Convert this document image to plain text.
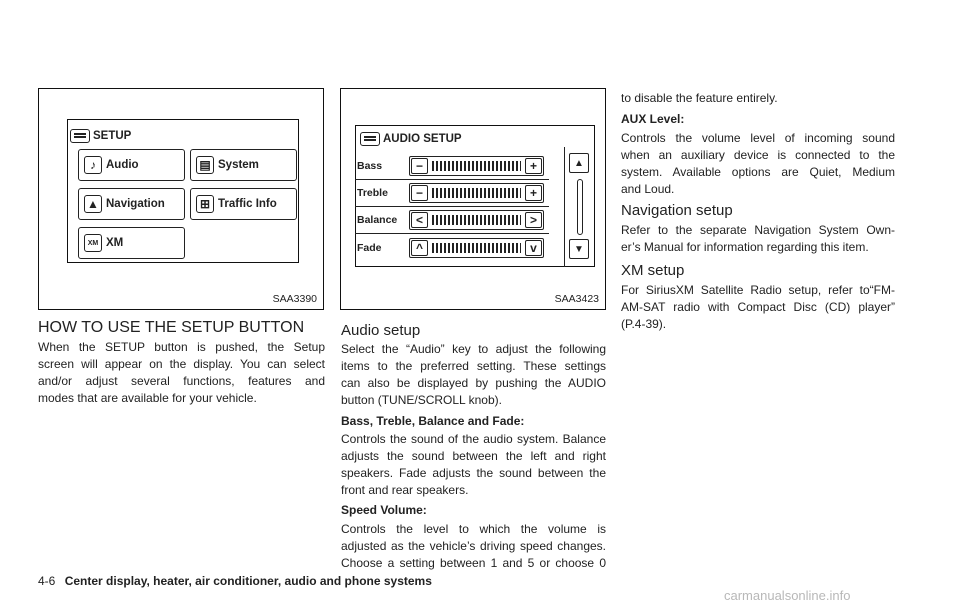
SETUP
♪ Audio	▤ System
▲ Navigation	⊞ Traffic Info
XM XM
SAA3390
AUDIO SETUP
Bass	−	+
Treble	−	+
Balance	<	>
Fade	^	v
▲
▼
SAA3423
HOW TO USE THE SETUP BUTTON

When the SETUP button is pushed, the Setup

screen will appear on the display. You can select

and/or adjust several functions, features and

modes that are available for your vehicle.

Audio setup

Select the “Audio” key to adjust the following

items to the preferred setting. These settings

can also be displayed by pushing the AUDIO

button (TUNE/SCROLL knob).

Bass, Treble, Balance and Fade:

Controls the sound of the audio system. Balance

adjusts the sound between the left and right

speakers. Fade adjusts the sound between the

front and rear speakers.

Speed Volume:

Controls the level to which the volume is

adjusted as the vehicle’s driving speed changes.

Choose a setting between 1 and 5 or choose 0

to disable the feature entirely.

AUX Level:

Controls the volume level of incoming sound

when an auxiliary device is connected to the

system. Available options are Quiet, Medium

and Loud.

Navigation setup

Refer to the separate Navigation System Own-

er’s Manual for information regarding this item.

XM setup

For SiriusXM Satellite Radio setup, refer to“FM-

AM-SAT radio with Compact Disc (CD) player”

(P.4-39).

4-6 Center display, heater, air conditioner, audio and phone systems
carmanualsonline.info
